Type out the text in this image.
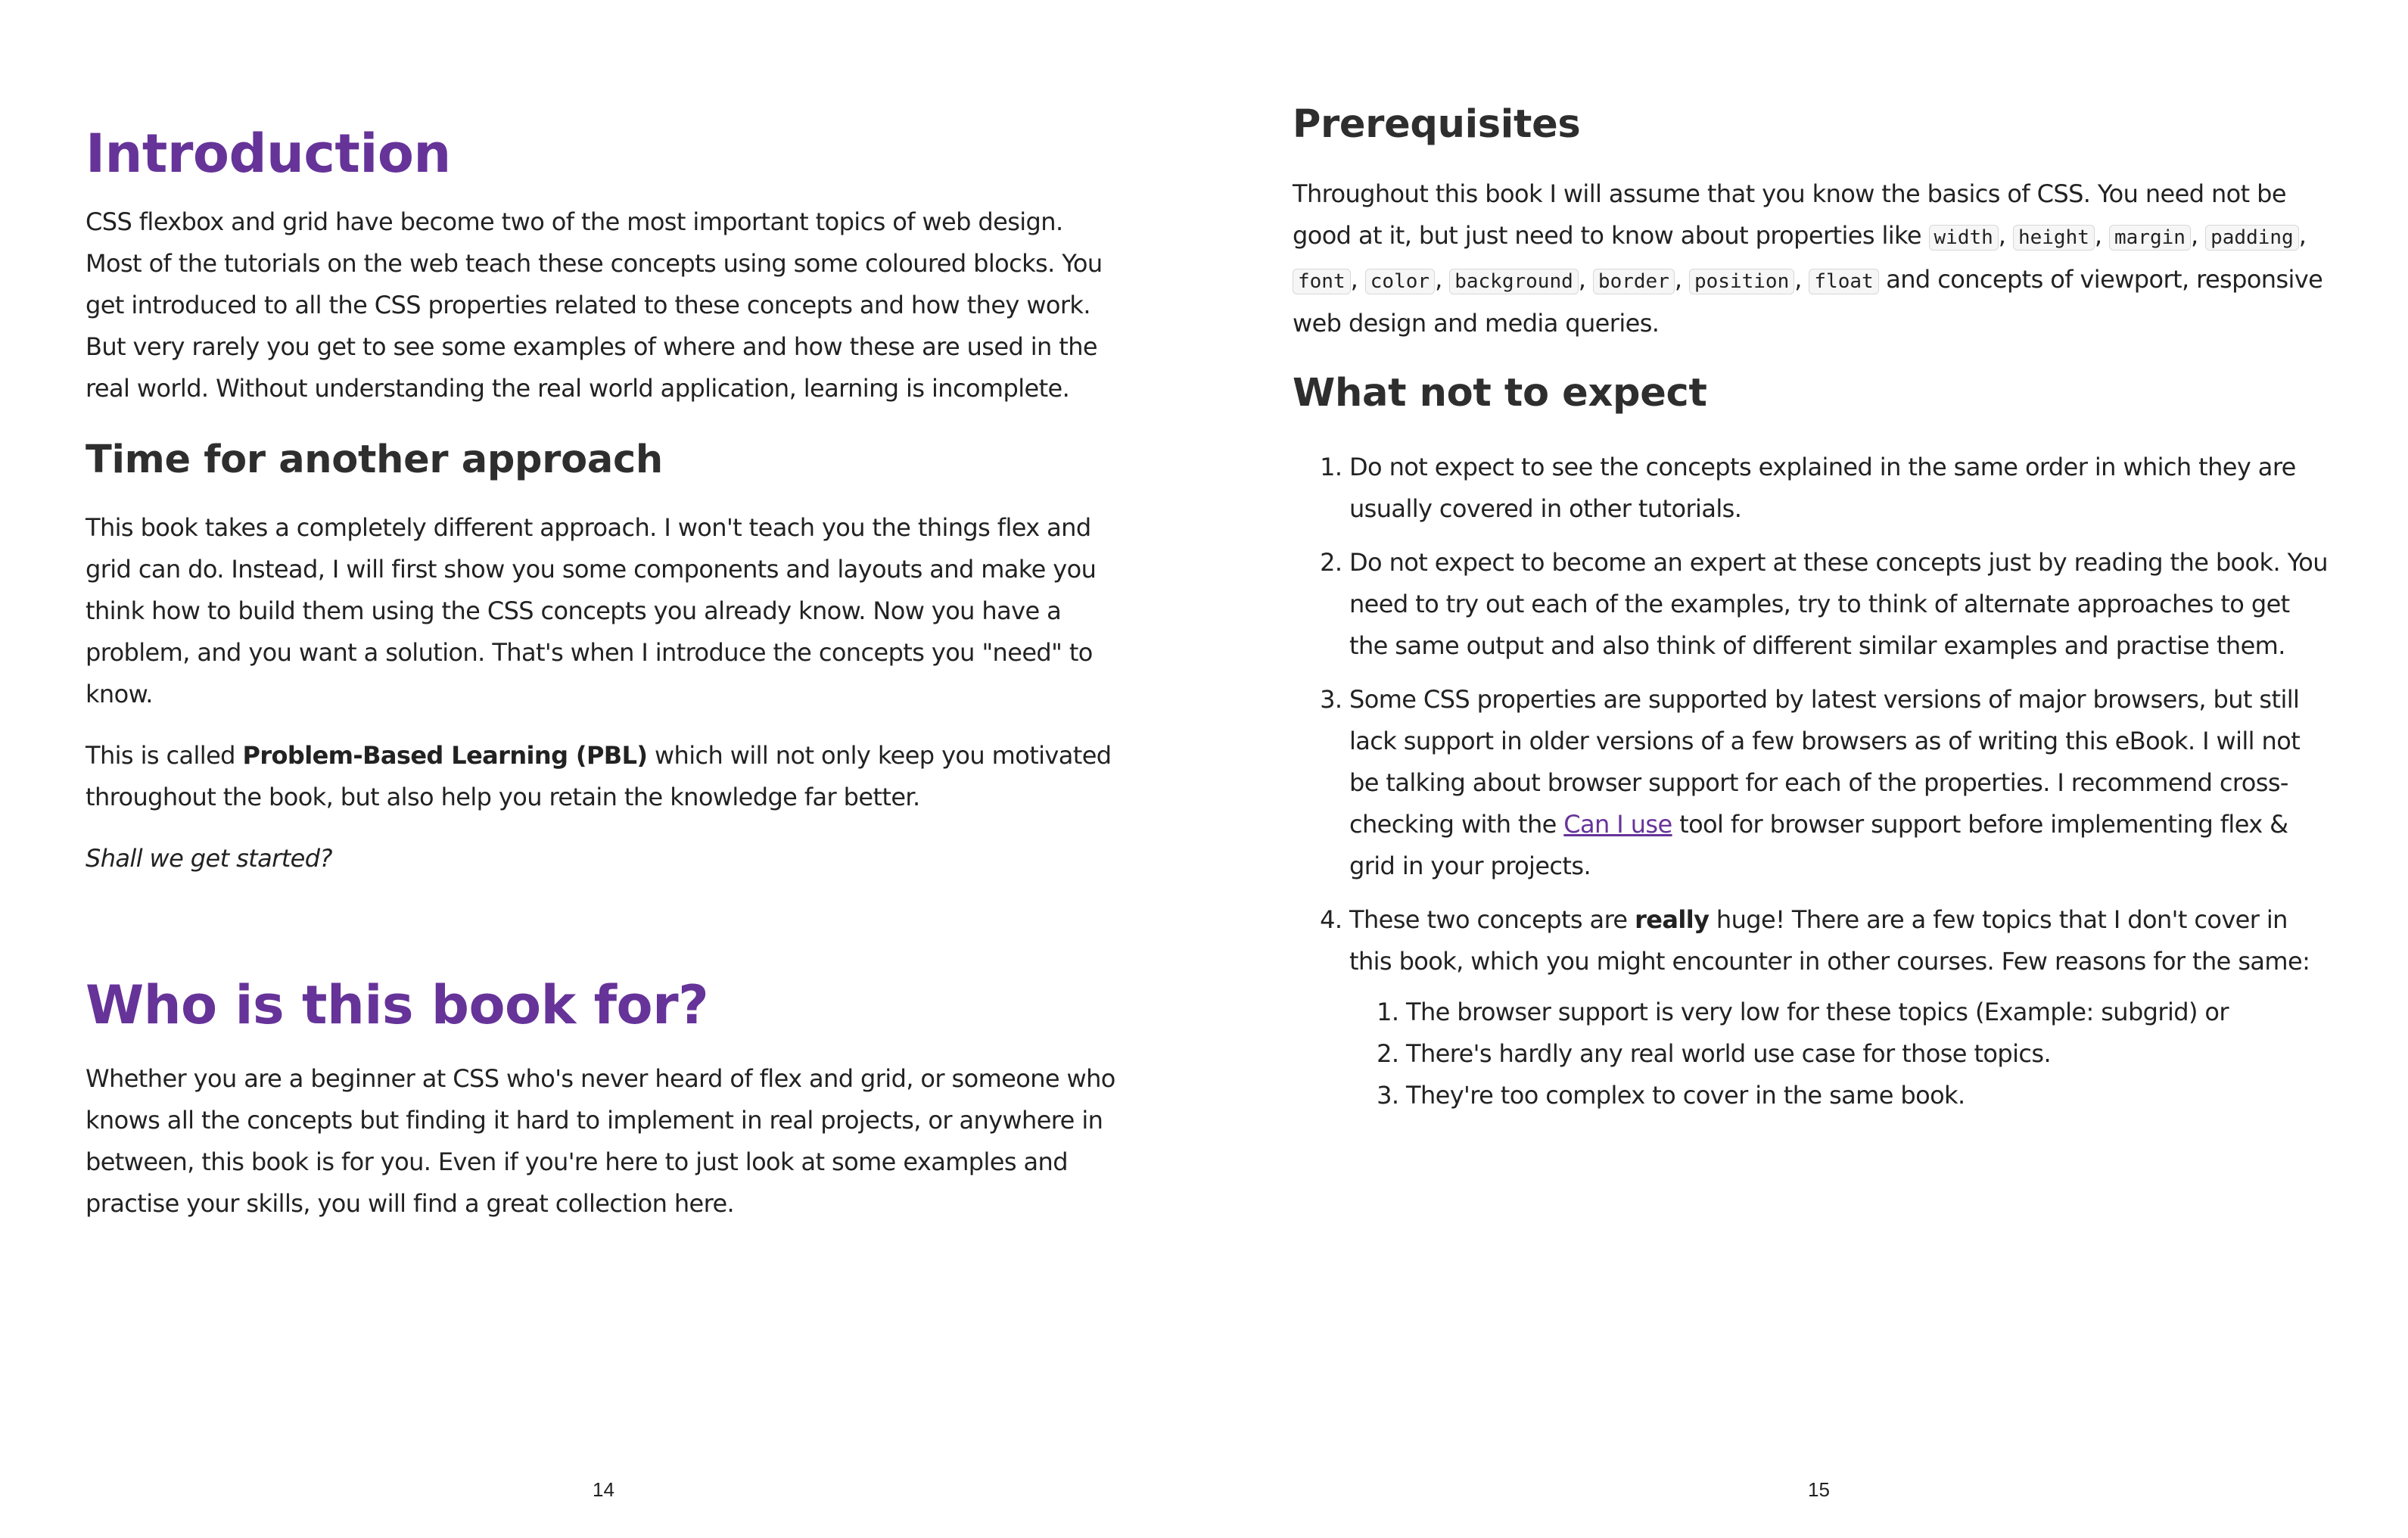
Introduction

CSS flexbox and grid have become two of the most important topics of web design. Most of the tutorials on the web teach these concepts using some coloured blocks. You get introduced to all the CSS properties related to these concepts and how they work. But very rarely you get to see some examples of where and how these are used in the real world. Without understanding the real world application, learning is incomplete.

Time for another approach

This book takes a completely different approach. I won't teach you the things flex and grid can do. Instead, I will first show you some components and layouts and make you think how to build them using the CSS concepts you already know. Now you have a problem, and you want a solution. That's when I introduce the concepts you "need" to know.

This is called Problem-Based Learning (PBL) which will not only keep you motivated throughout the book, but also help you retain the knowledge far better.

Shall we get started?

Who is this book for?

Whether you are a beginner at CSS who's never heard of flex and grid, or someone who knows all the concepts but finding it hard to implement in real projects, or anywhere in between, this book is for you. Even if you're here to just look at some examples and practise your skills, you will find a great collection here.

14
Prerequisites

Throughout this book I will assume that you know the basics of CSS. You need not be good at it, but just need to know about properties like width , height , margin , padding , font , color , background , border , position , float and concepts of viewport, responsive web design and media queries.

What not to expect
1. Do not expect to see the concepts explained in the same order in which they are usually covered in other tutorials.
2. Do not expect to become an expert at these concepts just by reading the book. You need to try out each of the examples, try to think of alternate approaches to get the same output and also think of different similar examples and practise them.
3. Some CSS properties are supported by latest versions of major browsers, but still lack support in older versions of a few browsers as of writing this eBook. I will not be talking about browser support for each of the properties. I recommend cross-checking with the Can I use tool for browser support before implementing flex & grid in your projects.
4. These two concepts are really huge! There are a few topics that I don't cover in this book, which you might encounter in other courses. Few reasons for the same:
1. The browser support is very low for these topics (Example: subgrid) or
2. There's hardly any real world use case for those topics.
3. They're too complex to cover in the same book.
15
